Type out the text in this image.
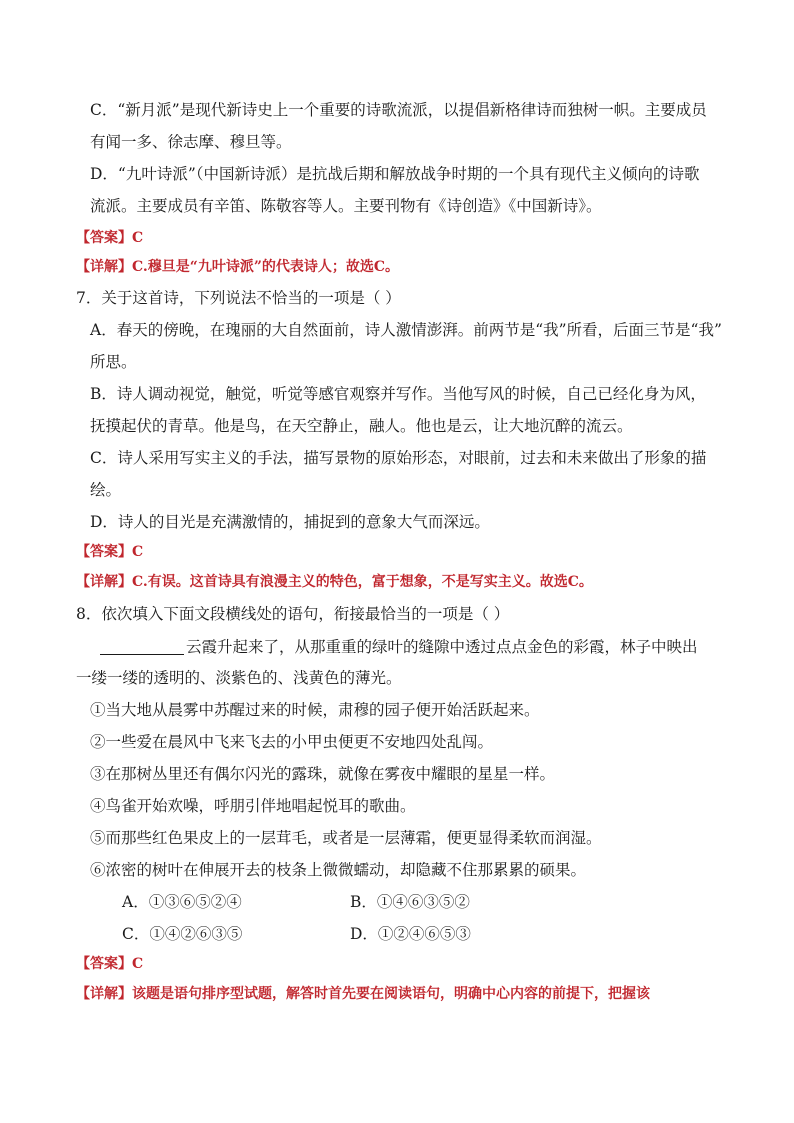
C．“新月派”是现代新诗史上一个重要的诗歌流派，以提倡新格律诗而独树一帜。主要成员
有闻一多、徐志摩、穆旦等。
D．“九叶诗派”（中国新诗派）是抗战后期和解放战争时期的一个具有现代主义倾向的诗歌
流派。主要成员有辛笛、陈敬容等人。主要刊物有《诗创造》《中国新诗》。
【答案】C
【详解】C.穆旦是“九叶诗派”的代表诗人；故选C。
7．关于这首诗，下列说法不恰当的一项是（ ）
A．春天的傍晚，在瑰丽的大自然面前，诗人激情澎湃。前两节是“我”所看，后面三节是“我”
所思。
B．诗人调动视觉，触觉，听觉等感官观察并写作。当他写风的时候，自己已经化身为风，
抚摸起伏的青草。他是鸟，在天空静止，融人。他也是云，让大地沉醉的流云。
C．诗人采用写实主义的手法，描写景物的原始形态，对眼前，过去和未来做出了形象的描
绘。
D．诗人的目光是充满激情的，捕捉到的意象大气而深远。
【答案】C
【详解】C.有误。这首诗具有浪漫主义的特色，富于想象，不是写实主义。故选C。
8．依次填入下面文段横线处的语句，衔接最恰当的一项是（ ）
云霞升起来了，从那重重的绿叶的缝隙中透过点点金色的彩霞，林子中映出
一缕一缕的透明的、淡紫色的、浅黄色的薄光。
①当大地从晨雾中苏醒过来的时候，肃穆的园子便开始活跃起来。
②一些爱在晨风中飞来飞去的小甲虫便更不安地四处乱闯。
③在那树丛里还有偶尔闪光的露珠，就像在雾夜中耀眼的星星一样。
④鸟雀开始欢噪，呼朋引伴地唱起悦耳的歌曲。
⑤而那些红色果皮上的一层茸毛，或者是一层薄霜，便更显得柔软而润湿。
⑥浓密的树叶在伸展开去的枝条上微微蠕动，却隐藏不住那累累的硕果。
A．①③⑥⑤②④	B．①④⑥③⑤②
C．①④②⑥③⑤	D．①②④⑥⑤③
【答案】C
【详解】该题是语句排序型试题，解答时首先要在阅读语句，明确中心内容的前提下，把握该
